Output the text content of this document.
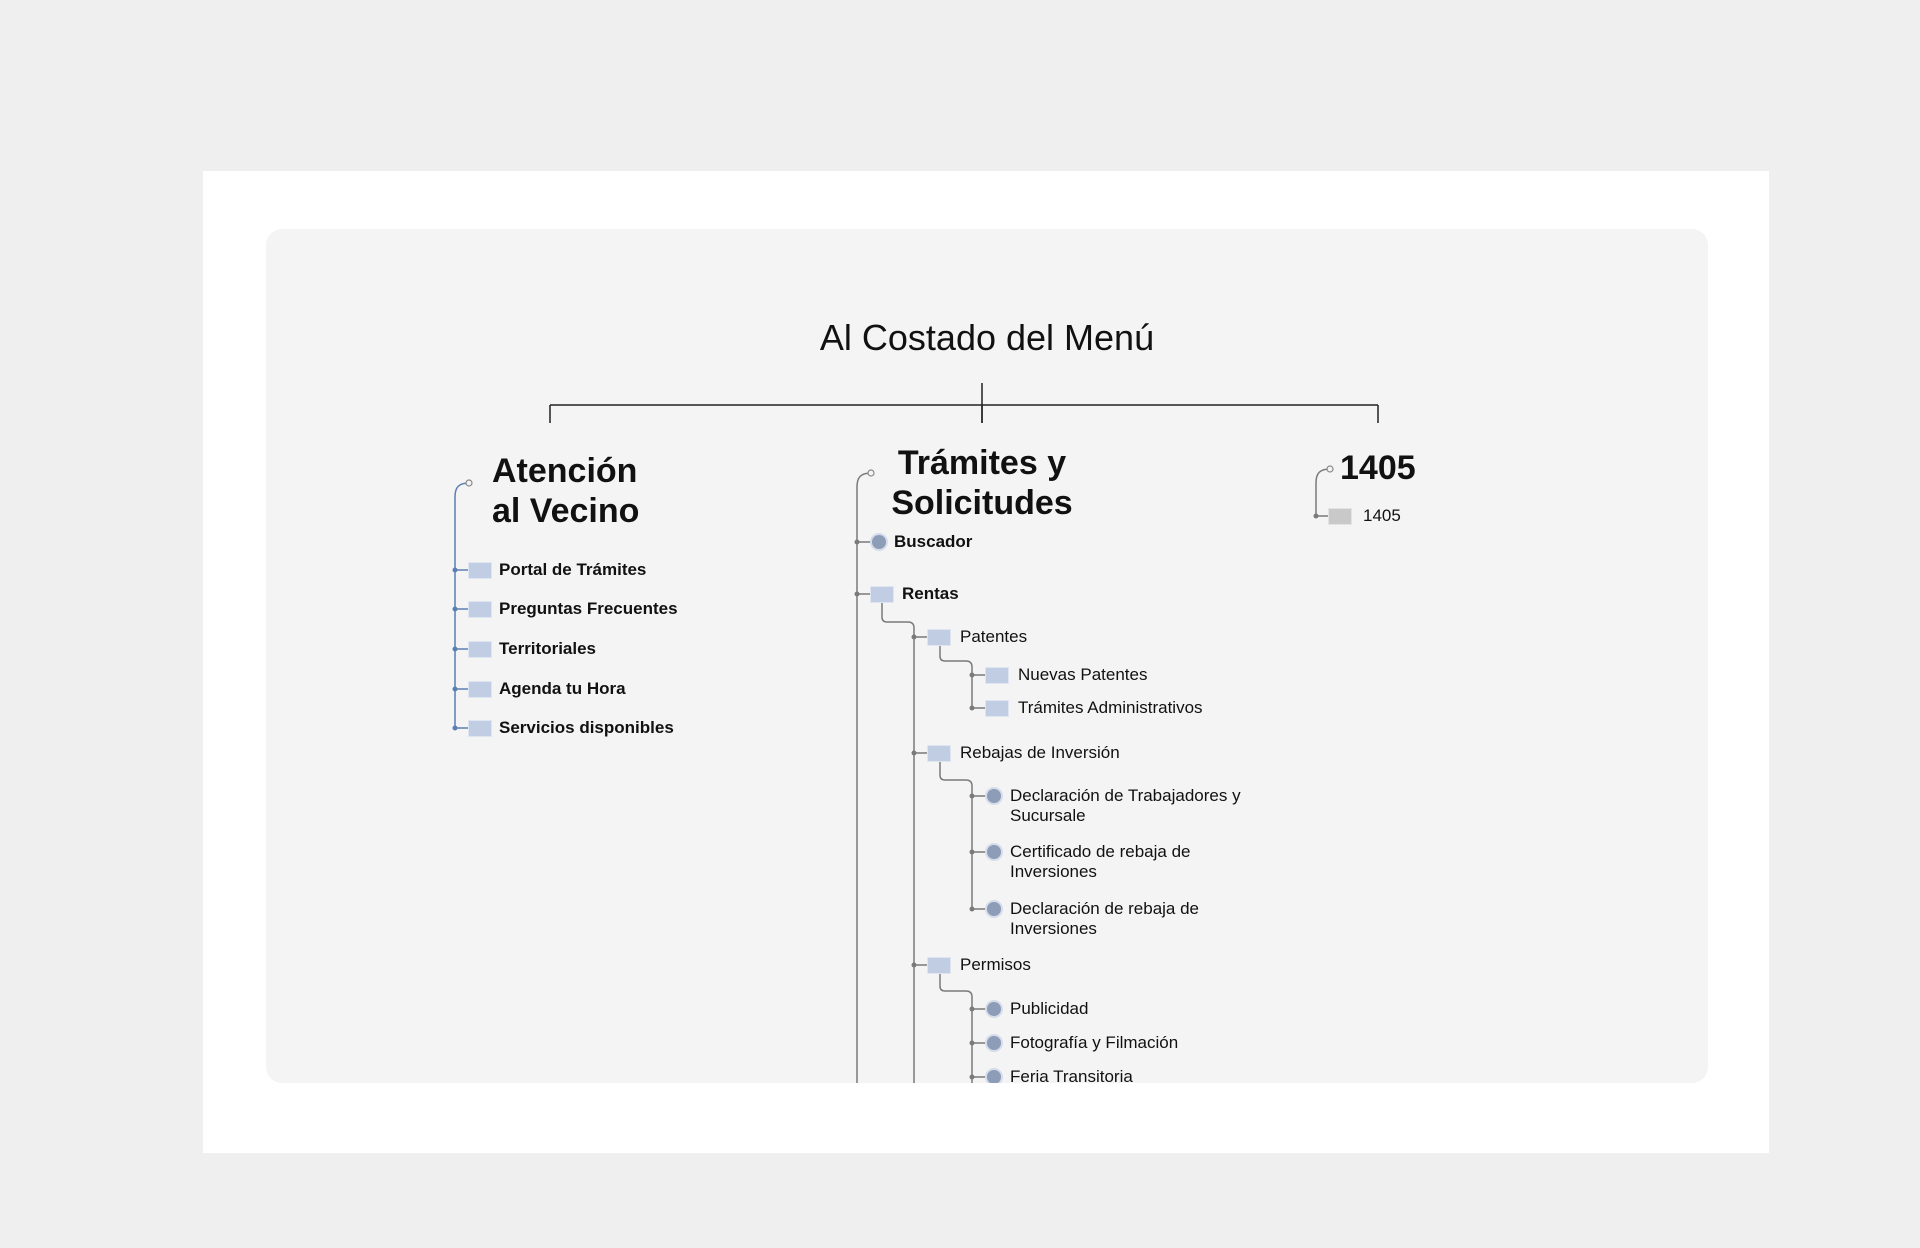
Al Costado del Menú
Atención
al Vecino
Portal de Trámites
Preguntas Frecuentes
Territoriales
Agenda tu Hora
Servicios disponibles
Trámites y
Solicitudes
Buscador
Rentas
Patentes
Nuevas Patentes
Trámites Administrativos
Rebajas de Inversión
Declaración de Trabajadores y
Sucursale
Certificado de rebaja de
Inversiones
Declaración de rebaja de
Inversiones
Permisos
Publicidad
Fotografía y Filmación
Feria Transitoria
1405
1405
